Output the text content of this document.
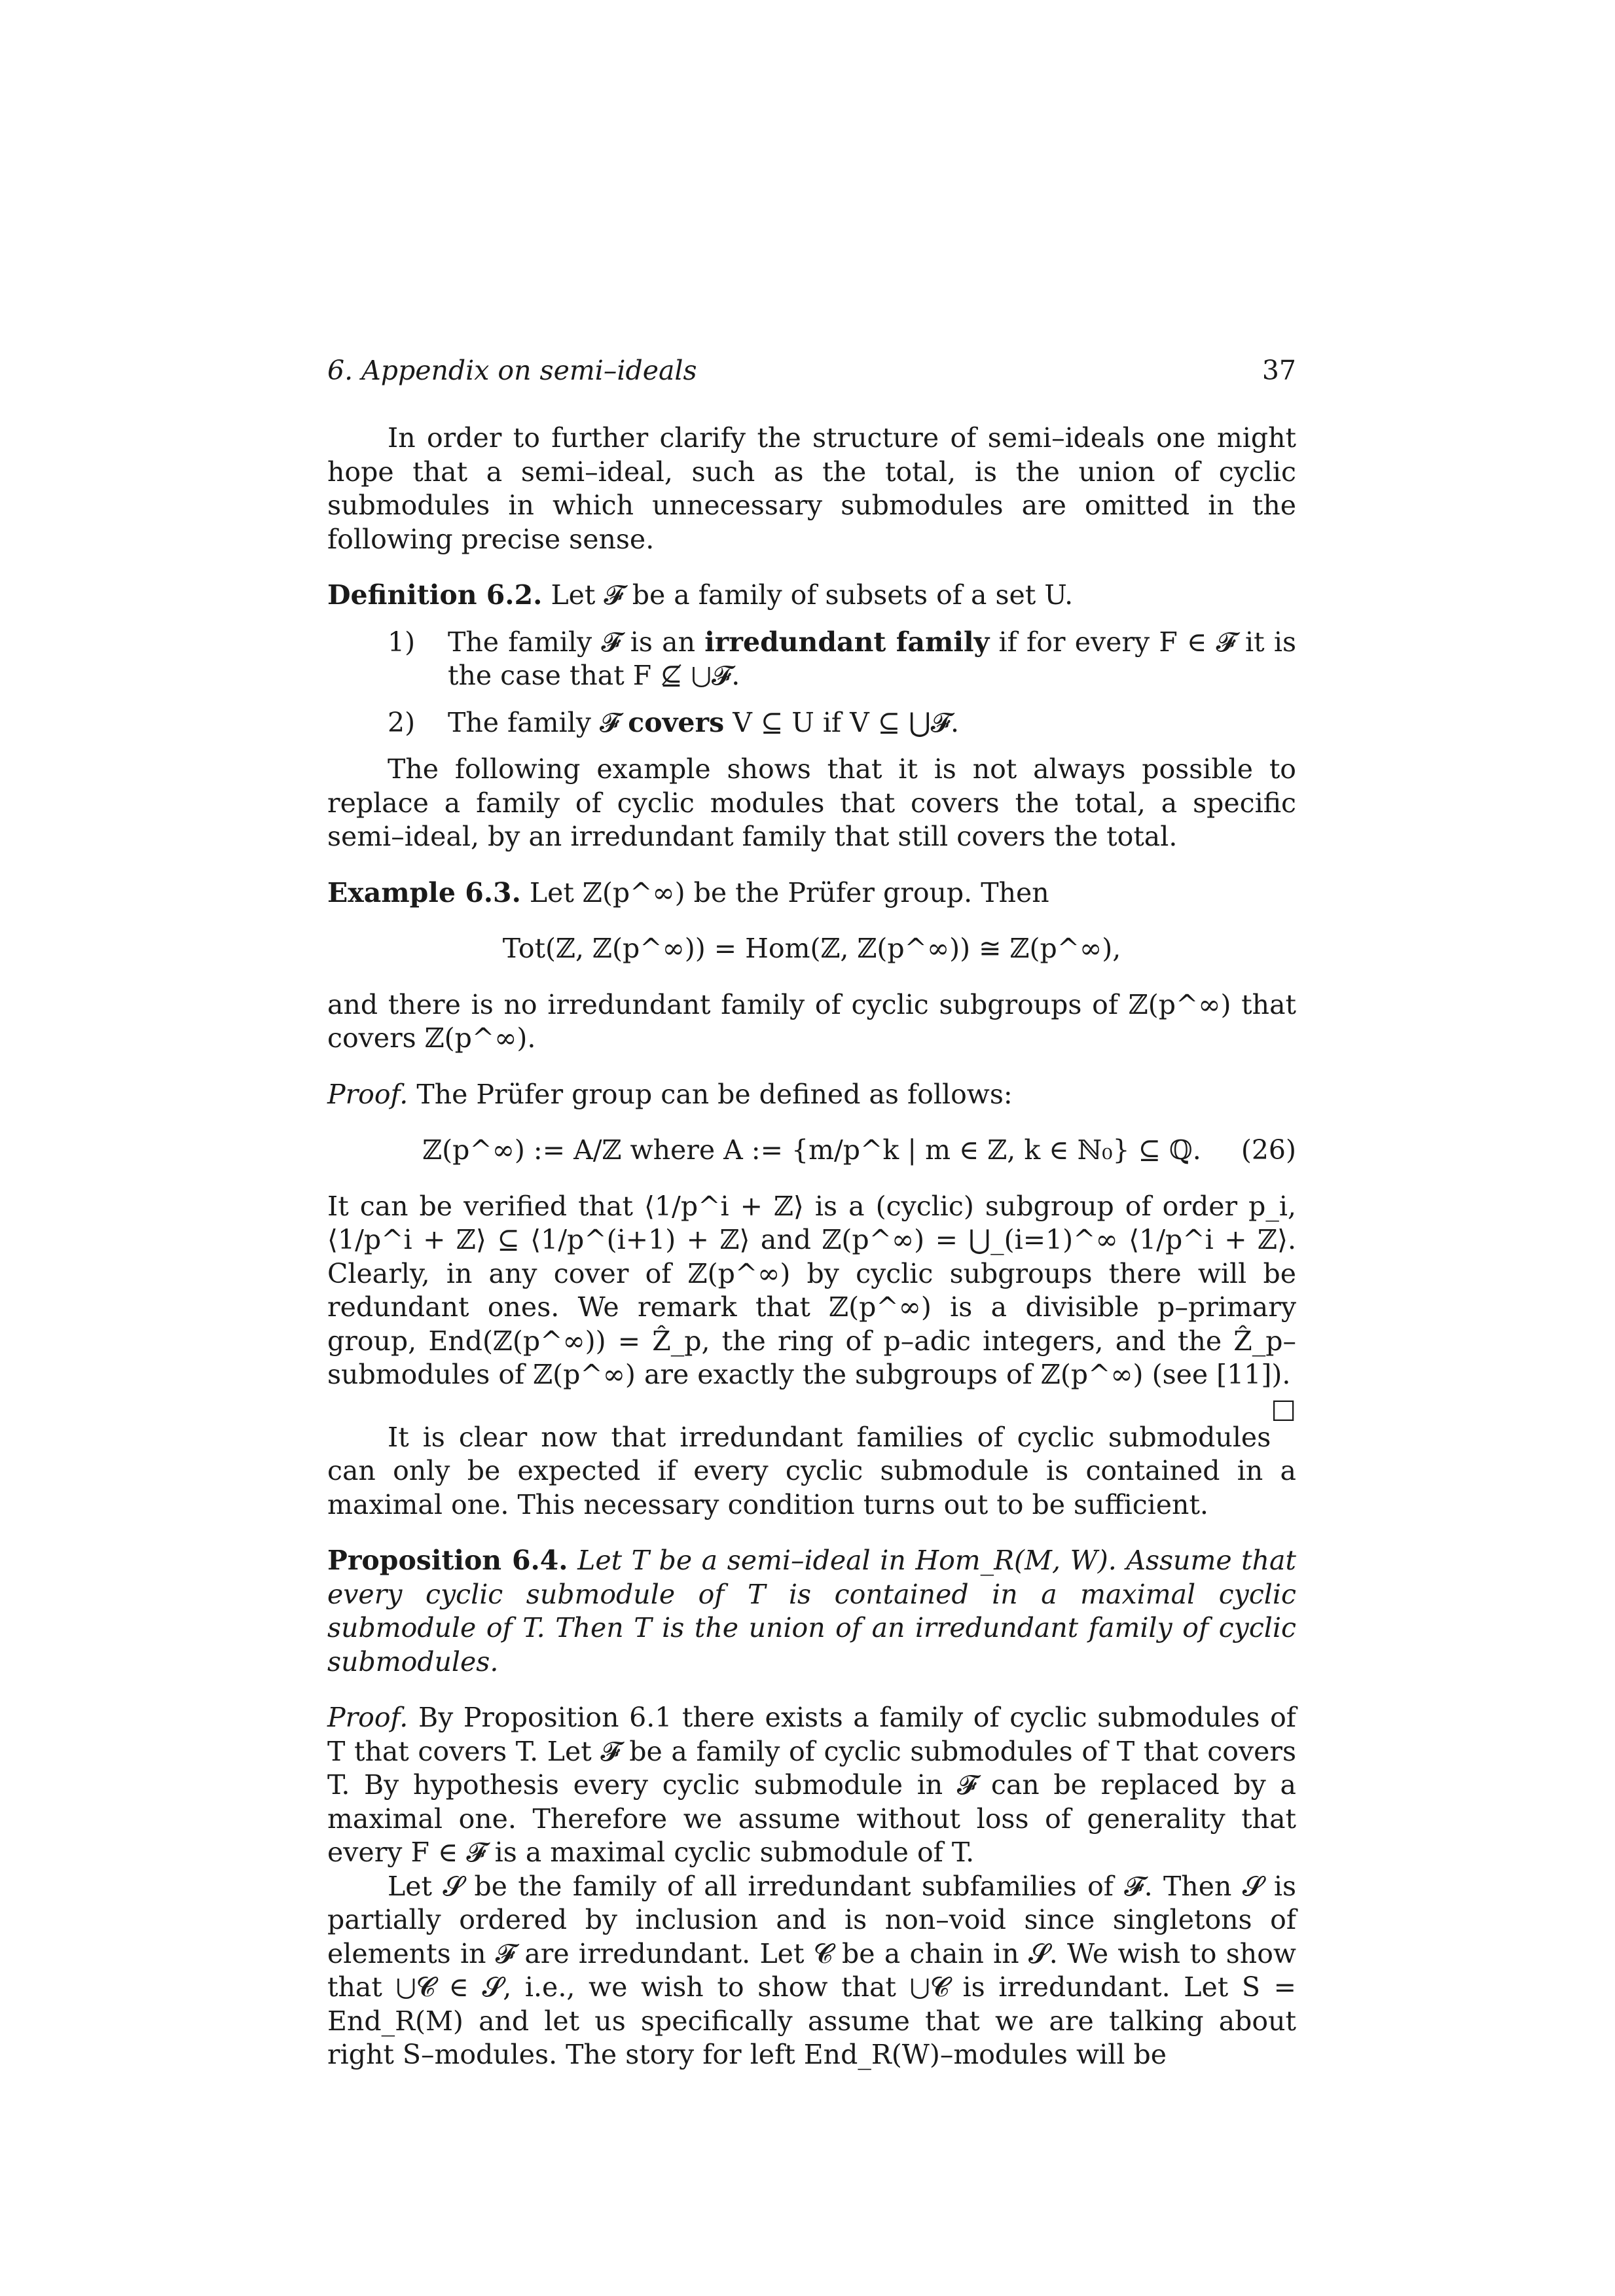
6. Appendix on semi–ideals	37

In order to further clarify the structure of semi–ideals one might hope that a semi–ideal, such as the total, is the union of cyclic submodules in which unnecessary submodules are omitted in the following precise sense.

Definition 6.2. Let 𝓕 be a family of subsets of a set U.

1) The family 𝓕 is an irredundant family if for every F ∈ 𝓕 it is the case that F ⊈ ⋃𝓕.
2) The family 𝓕 covers V ⊆ U if V ⊆ ⋃𝓕.

The following example shows that it is not always possible to replace a family of cyclic modules that covers the total, a specific semi–ideal, by an irredundant family that still covers the total.

Example 6.3. Let ℤ(p^∞) be the Prüfer group. Then

Tot(ℤ, ℤ(p^∞)) = Hom(ℤ, ℤ(p^∞)) ≅ ℤ(p^∞),

and there is no irredundant family of cyclic subgroups of ℤ(p^∞) that covers ℤ(p^∞).

Proof. The Prüfer group can be defined as follows:

ℤ(p^∞) := A/ℤ where A := {m/p^k | m ∈ ℤ, k ∈ ℕ₀} ⊆ ℚ. (26)

It can be verified that ⟨1/p^i + ℤ⟩ is a (cyclic) subgroup of order p_i, ⟨1/p^i + ℤ⟩ ⊆ ⟨1/p^(i+1) + ℤ⟩ and ℤ(p^∞) = ⋃_(i=1)^∞ ⟨1/p^i + ℤ⟩. Clearly, in any cover of ℤ(p^∞) by cyclic subgroups there will be redundant ones. We remark that ℤ(p^∞) is a divisible p–primary group, End(ℤ(p^∞)) = Ẑ_p, the ring of p–adic integers, and the Ẑ_p–submodules of ℤ(p^∞) are exactly the subgroups of ℤ(p^∞) (see [11]).
□

It is clear now that irredundant families of cyclic submodules can only be expected if every cyclic submodule is contained in a maximal one. This necessary condition turns out to be sufficient.

Proposition 6.4. Let T be a semi–ideal in Hom_R(M, W). Assume that every cyclic submodule of T is contained in a maximal cyclic submodule of T. Then T is the union of an irredundant family of cyclic submodules.

Proof. By Proposition 6.1 there exists a family of cyclic submodules of T that covers T. Let 𝓕 be a family of cyclic submodules of T that covers T. By hypothesis every cyclic submodule in 𝓕 can be replaced by a maximal one. Therefore we assume without loss of generality that every F ∈ 𝓕 is a maximal cyclic submodule of T.

Let 𝓢 be the family of all irredundant subfamilies of 𝓕. Then 𝓢 is partially ordered by inclusion and is non–void since singletons of elements in 𝓕 are irredundant. Let 𝓒 be a chain in 𝓢. We wish to show that ⋃𝓒 ∈ 𝓢, i.e., we wish to show that ⋃𝓒 is irredundant. Let S = End_R(M) and let us specifically assume that we are talking about right S–modules. The story for left End_R(W)–modules will be
